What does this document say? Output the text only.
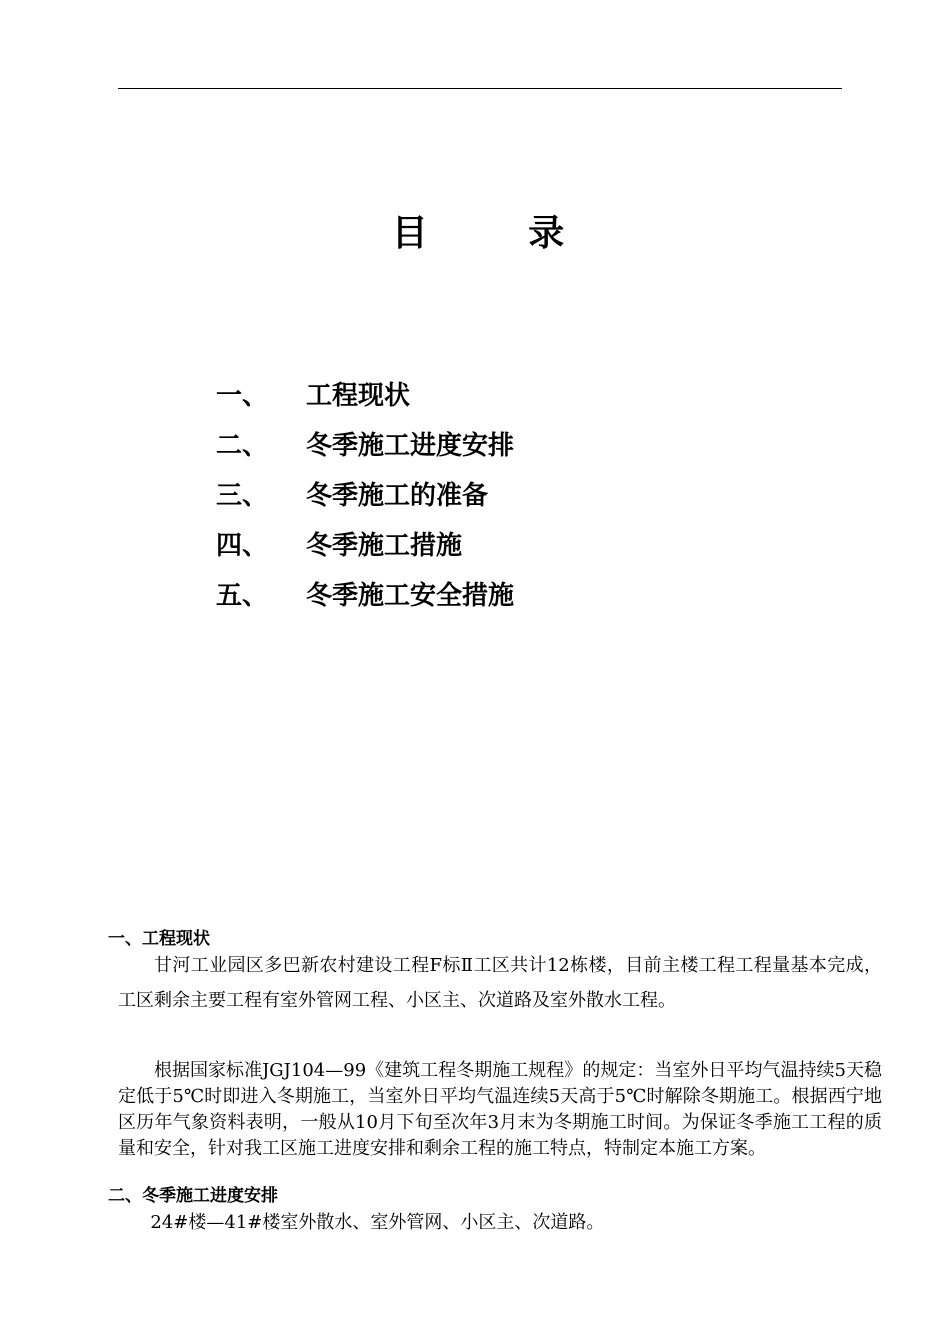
目 录
一、 工程现状
二、 冬季施工进度安排
三、 冬季施工的准备
四、 冬季施工措施
五、 冬季施工安全措施
一、工程现状

甘河工业园区多巴新农村建设工程F标Ⅱ工区共计12栋楼，目前主楼工程工程量基本完成，工区剩余主要工程有室外管网工程、小区主、次道路及室外散水工程。

根据国家标准JGJ104—99《建筑工程冬期施工规程》的规定：当室外日平均气温持续5天稳定低于5℃时即进入冬期施工，当室外日平均气温连续5天高于5℃时解除冬期施工。根据西宁地区历年气象资料表明，一般从10月下旬至次年3月末为冬期施工时间。为保证冬季施工工程的质量和安全，针对我工区施工进度安排和剩余工程的施工特点，特制定本施工方案。

二、冬季施工进度安排

24#楼—41#楼室外散水、室外管网、小区主、次道路。
